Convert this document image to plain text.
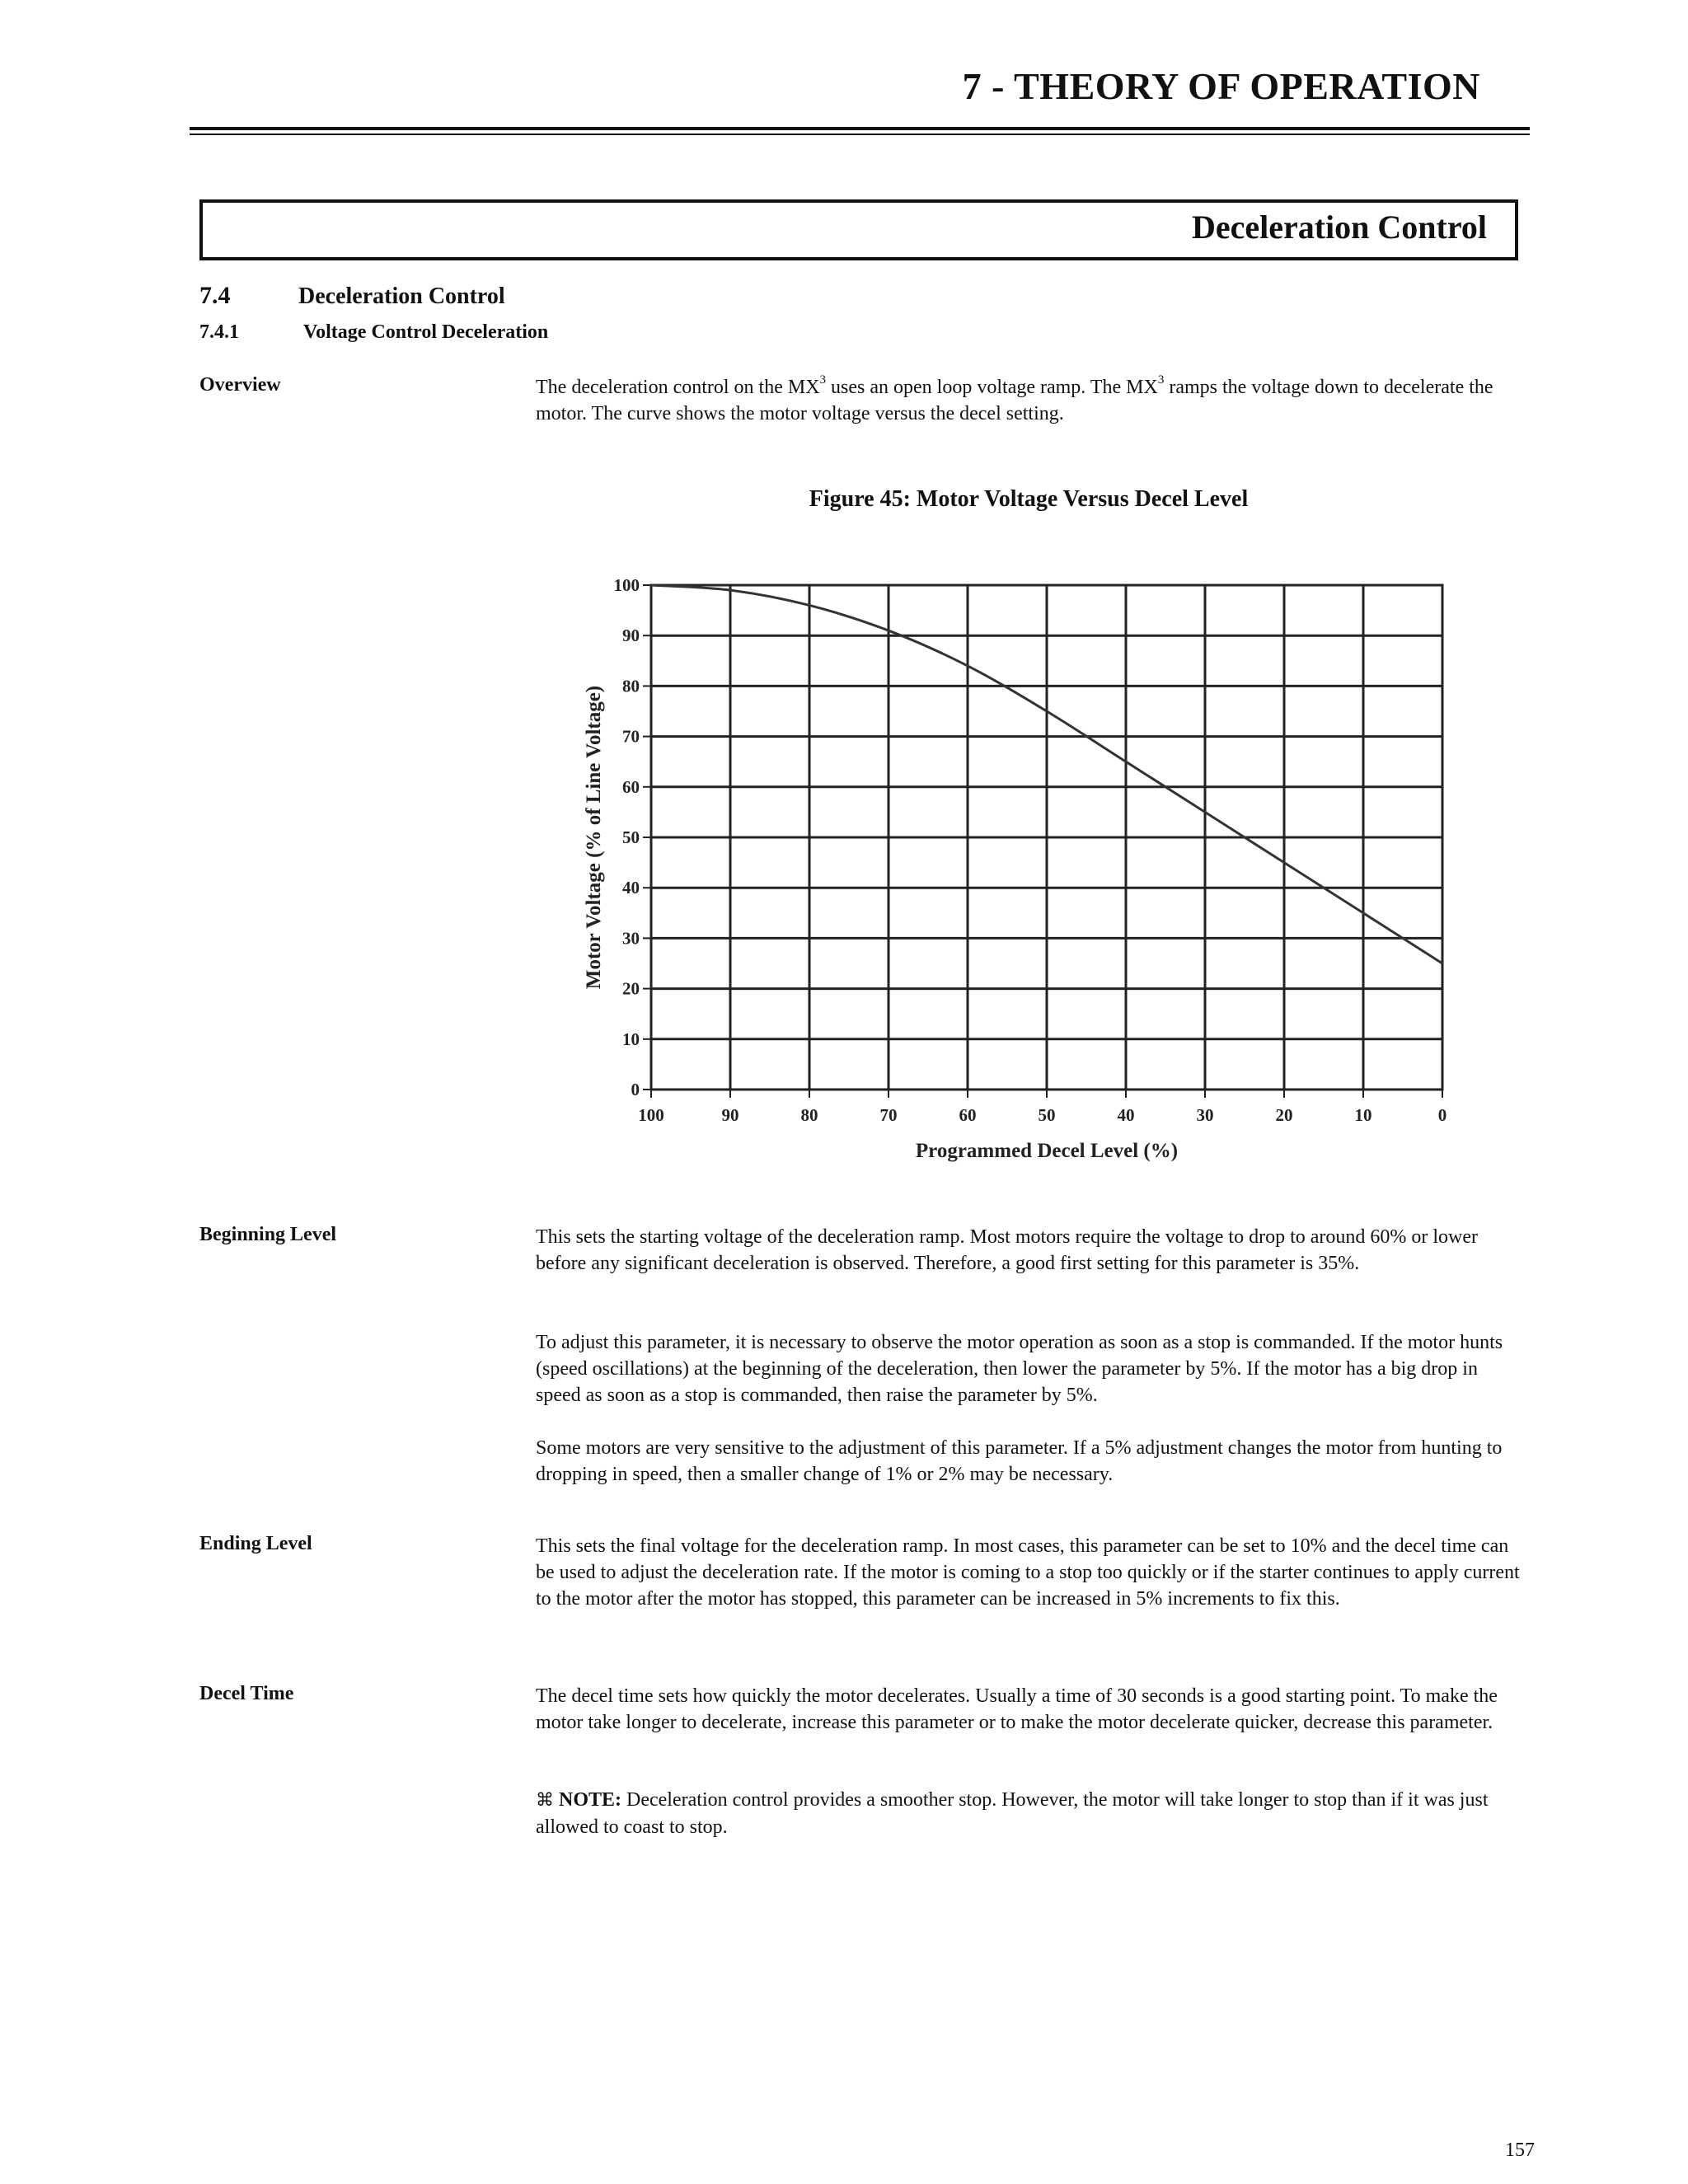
7 - THEORY OF OPERATION
Deceleration Control
7.4	Deceleration Control
7.4.1	Voltage Control Deceleration
Overview	The deceleration control on the $MX^3$ uses an open loop voltage ramp. The $MX^3$ ramps the voltage down to decelerate the motor. The curve shows the motor voltage versus the decel setting.
Figure 45: Motor Voltage Versus Decel Level
100	90	80	70	60	50	40	30	20	10	0
0
10
20
30
40
50
60
70
80
90
100
Programmed Decel Level (%)
Motor Voltage (% of Line Voltage)
Beginning Level	This sets the starting voltage of the deceleration ramp. Most motors require the voltage to drop to around 60% or lower before any significant deceleration is observed. Therefore, a good first setting for this parameter is 35%.
To adjust this parameter, it is necessary to observe the motor operation as soon as a stop is commanded. If the motor hunts (speed oscillations) at the beginning of the deceleration, then lower the parameter by 5%. If the motor has a big drop in speed as soon as a stop is commanded, then raise the parameter by 5%.
Some motors are very sensitive to the adjustment of this parameter. If a 5% adjustment changes the motor from hunting to dropping in speed, then a smaller change of 1% or 2% may be necessary.
Ending Level	This sets the final voltage for the deceleration ramp. In most cases, this parameter can be set to 10% and the decel time can be used to adjust the deceleration rate. If the motor is coming to a stop too quickly or if the starter continues to apply current to the motor after the motor has stopped, this parameter can be increased in 5% increments to fix this.
Decel Time	The decel time sets how quickly the motor decelerates. Usually a time of 30 seconds is a good starting point. To make the motor take longer to decelerate, increase this parameter or to make the motor decelerate quicker, decrease this parameter.
⌘ NOTE: Deceleration control provides a smoother stop. However, the motor will take longer to stop than if it was just allowed to coast to stop.
157
